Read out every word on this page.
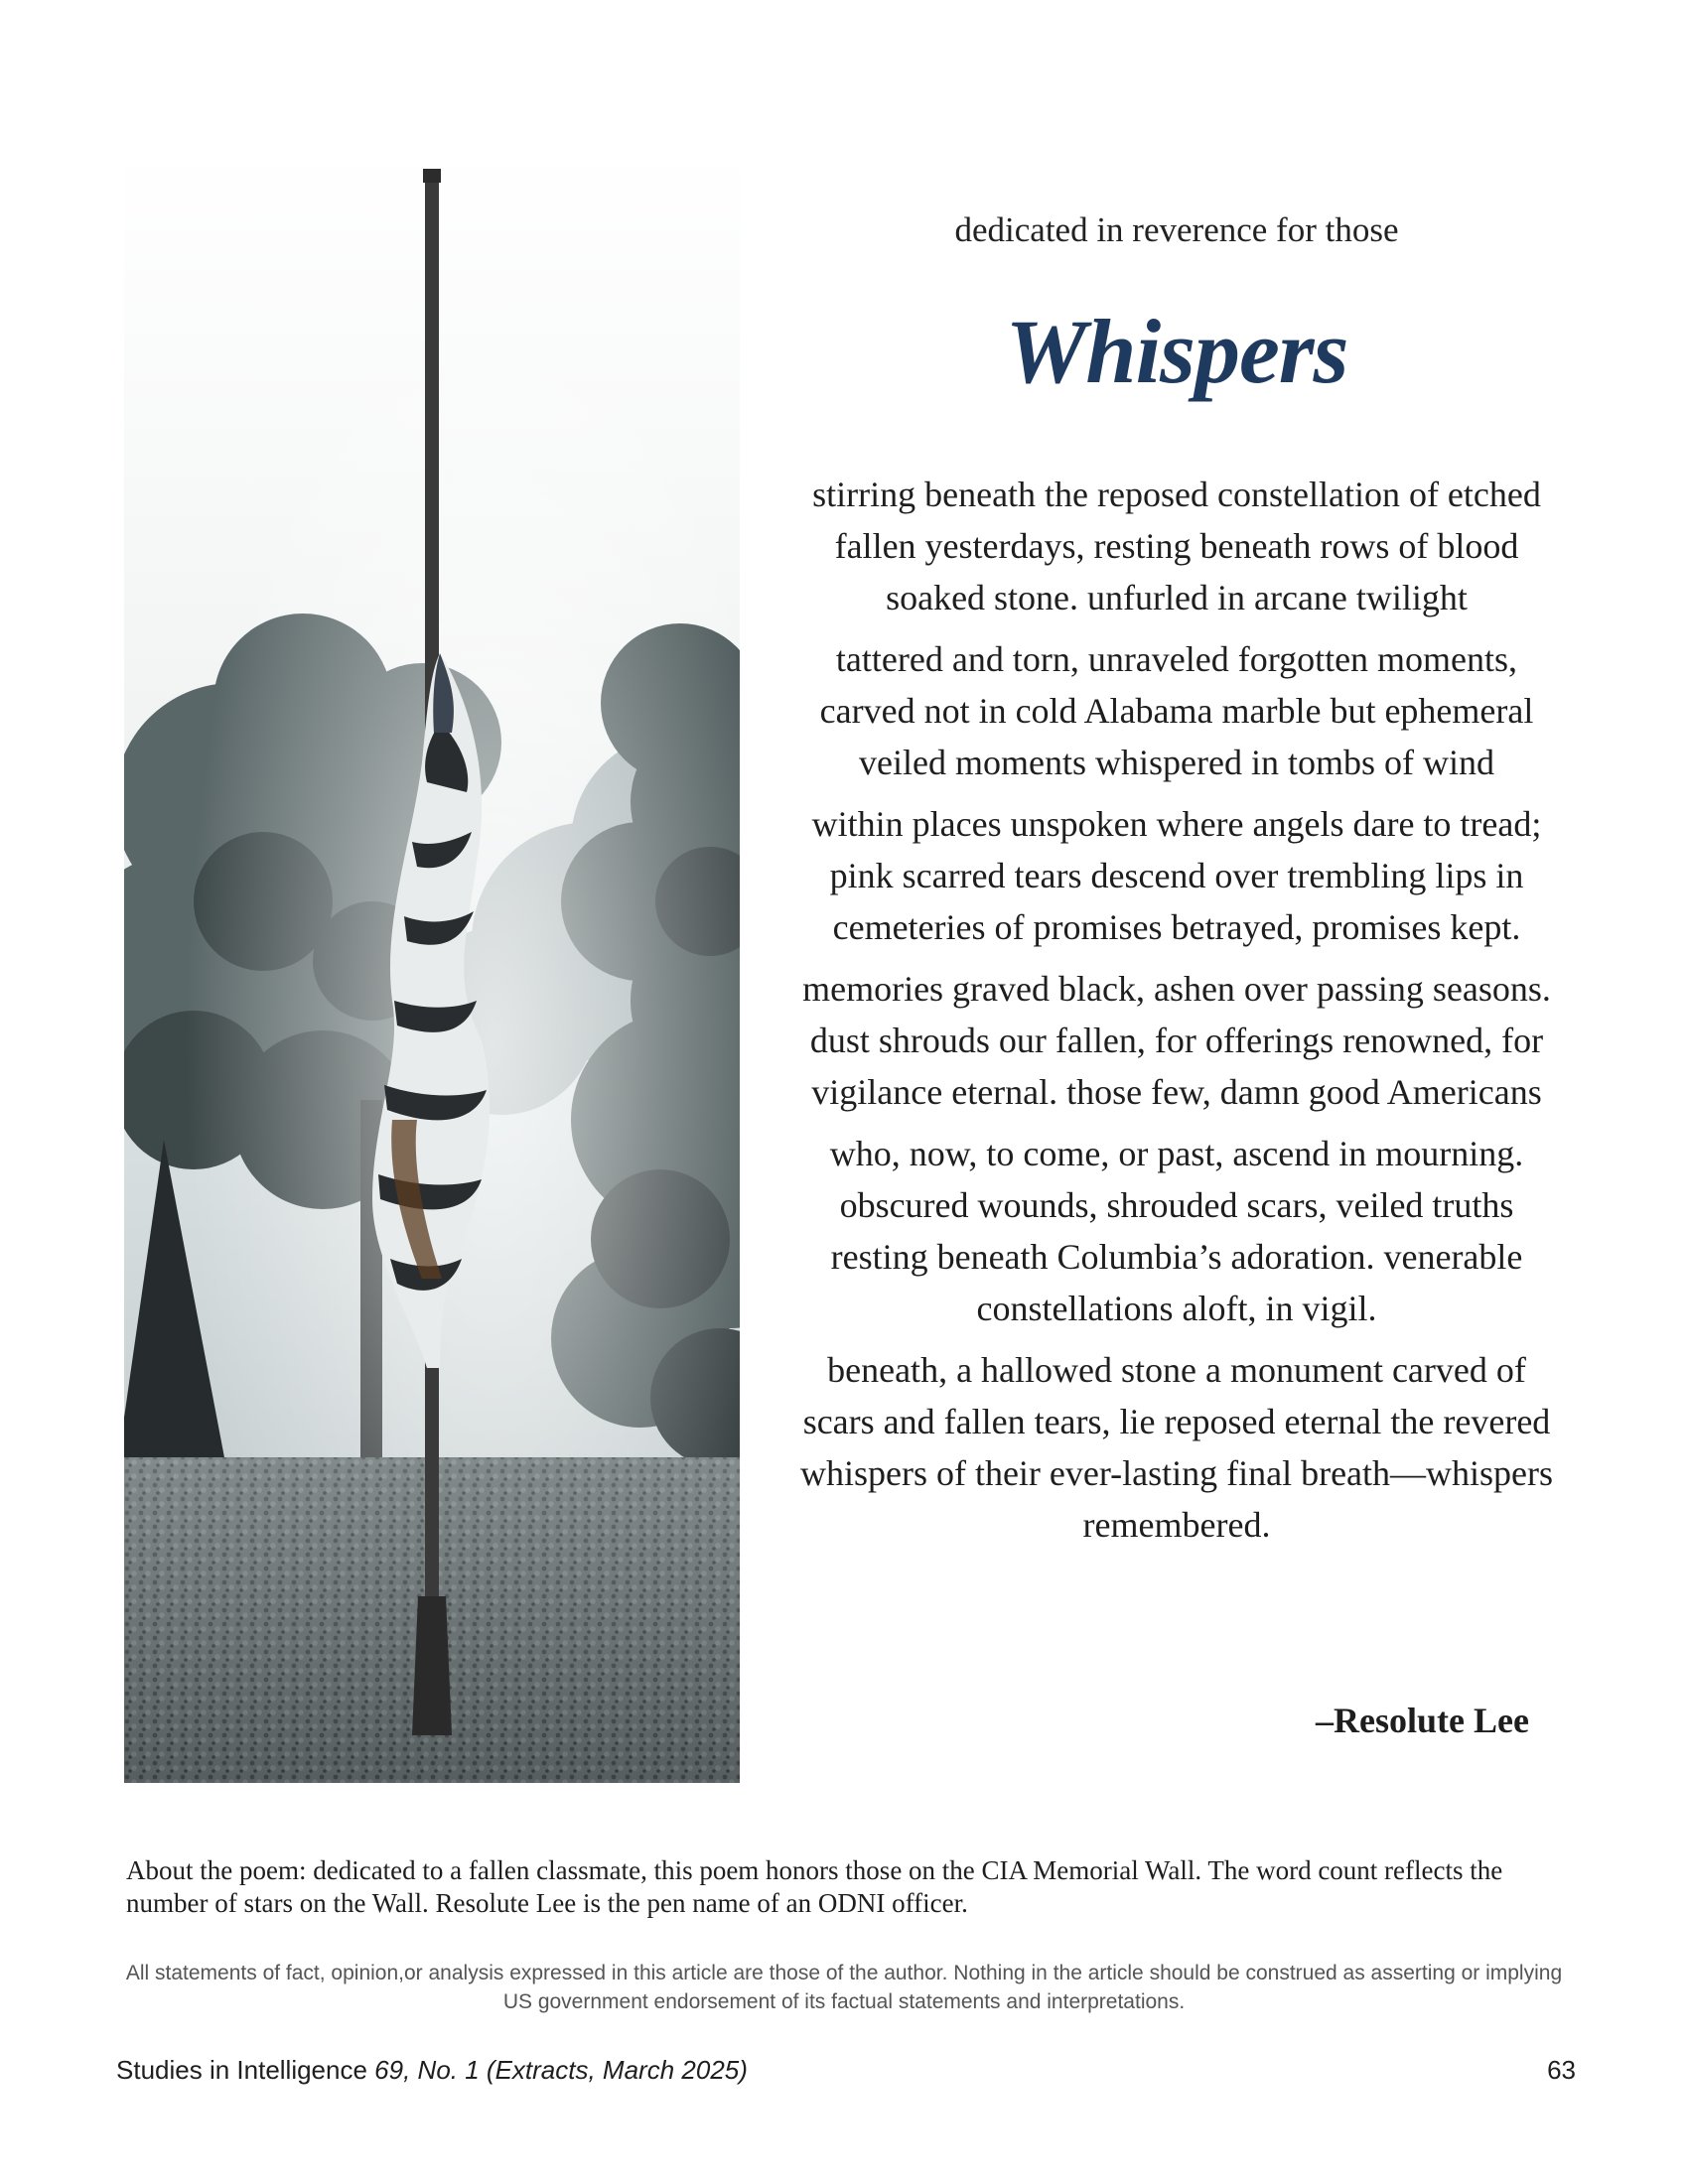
dedicated in reverence for those

Whispers
stirring beneath the reposed constellation of etched
fallen yesterdays, resting beneath rows of blood
soaked stone. unfurled in arcane twilight
tattered and torn, unraveled forgotten moments,
carved not in cold Alabama marble but ephemeral
veiled moments whispered in tombs of wind
within places unspoken where angels dare to tread;
pink scarred tears descend over trembling lips in
cemeteries of promises betrayed, promises kept.
memories graved black, ashen over passing seasons.
dust shrouds our fallen, for offerings renowned, for
vigilance eternal. those few, damn good Americans
who, now, to come, or past, ascend in mourning.
obscured wounds, shrouded scars, veiled truths
resting beneath Columbia’s adoration. venerable
constellations aloft, in vigil.
beneath, a hallowed stone a monument carved of
scars and fallen tears, lie reposed eternal the revered
whispers of their ever-lasting final breath—whispers
remembered.
–Resolute Lee

About the poem: dedicated to a fallen classmate, this poem honors those on the CIA Memorial Wall. The word count reflects the number of stars on the Wall. Resolute Lee is the pen name of an ODNI officer.

All statements of fact, opinion,or analysis expressed in this article are those of the author. Nothing in the article should be construed as asserting or implying US government endorsement of its factual statements and interpretations.

Studies in Intelligence 69, No. 1 (Extracts, March 2025)	63
